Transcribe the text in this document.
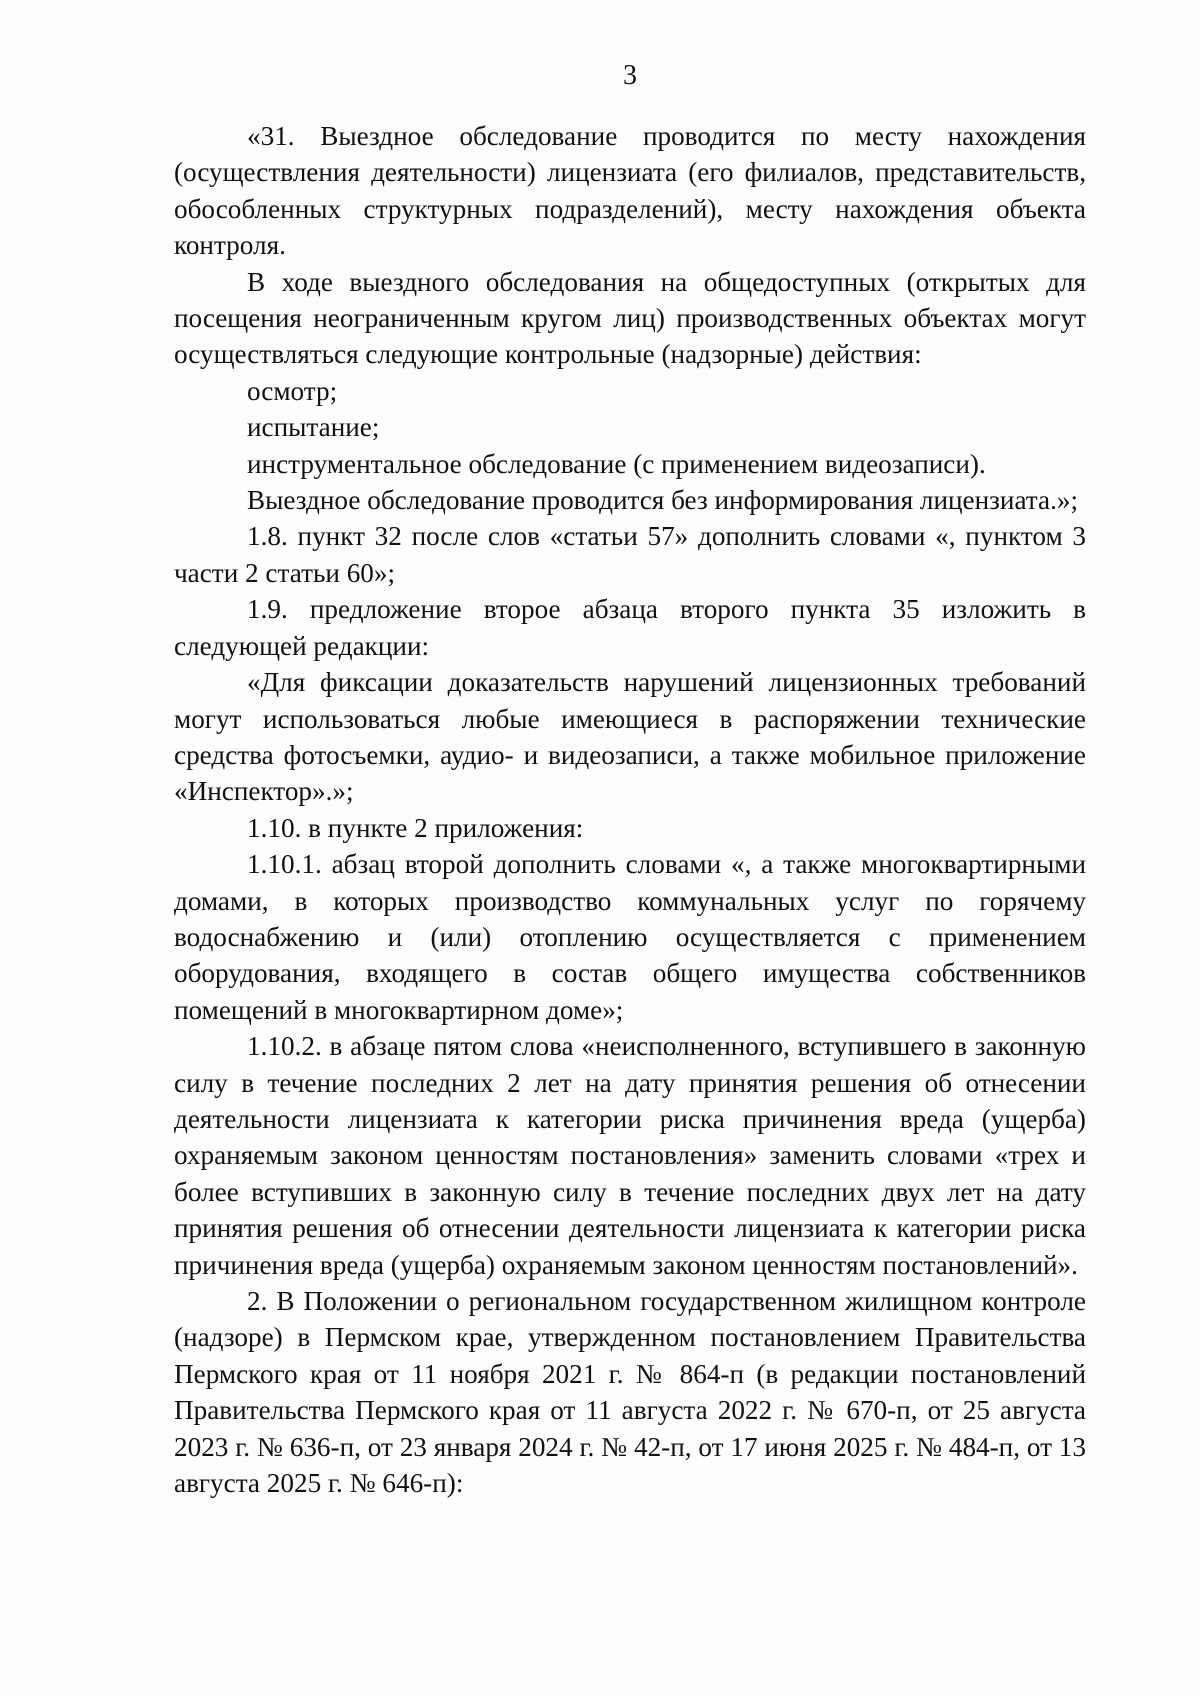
3

«31. Выездное обследование проводится по месту нахождения (осуществления деятельности) лицензиата (его филиалов, представительств, обособленных структурных подразделений), месту нахождения объекта контроля.

В ходе выездного обследования на общедоступных (открытых для посещения неограниченным кругом лиц) производственных объектах могут осуществляться следующие контрольные (надзорные) действия:

осмотр;

испытание;

инструментальное обследование (с применением видеозаписи).

Выездное обследование проводится без информирования лицензиата.»;

1.8. пункт 32 после слов «статьи 57» дополнить словами «, пунктом 3 части 2 статьи 60»;

1.9. предложение второе абзаца второго пункта 35 изложить в следующей редакции:

«Для фиксации доказательств нарушений лицензионных требований могут использоваться любые имеющиеся в распоряжении технические средства фотосъемки, аудио- и видеозаписи, а также мобильное приложение «Инспектор».»;

1.10. в пункте 2 приложения:

1.10.1. абзац второй дополнить словами «, а также многоквартирными домами, в которых производство коммунальных услуг по горячему водоснабжению и (или) отоплению осуществляется с применением оборудования, входящего в состав общего имущества собственников помещений в многоквартирном доме»;

1.10.2. в абзаце пятом слова «неисполненного, вступившего в законную силу в течение последних 2 лет на дату принятия решения об отнесении деятельности лицензиата к категории риска причинения вреда (ущерба) охраняемым законом ценностям постановления» заменить словами «трех и более вступивших в законную силу в течение последних двух лет на дату принятия решения об отнесении деятельности лицензиата к категории риска причинения вреда (ущерба) охраняемым законом ценностям постановлений».

2. В Положении о региональном государственном жилищном контроле (надзоре) в Пермском крае, утвержденном постановлением Правительства Пермского края от 11 ноября 2021 г. № 864-п (в редакции постановлений Правительства Пермского края от 11 августа 2022 г. № 670-п, от 25 августа 2023 г. № 636-п, от 23 января 2024 г. № 42-п, от 17 июня 2025 г. № 484-п, от 13 августа 2025 г. № 646-п):
